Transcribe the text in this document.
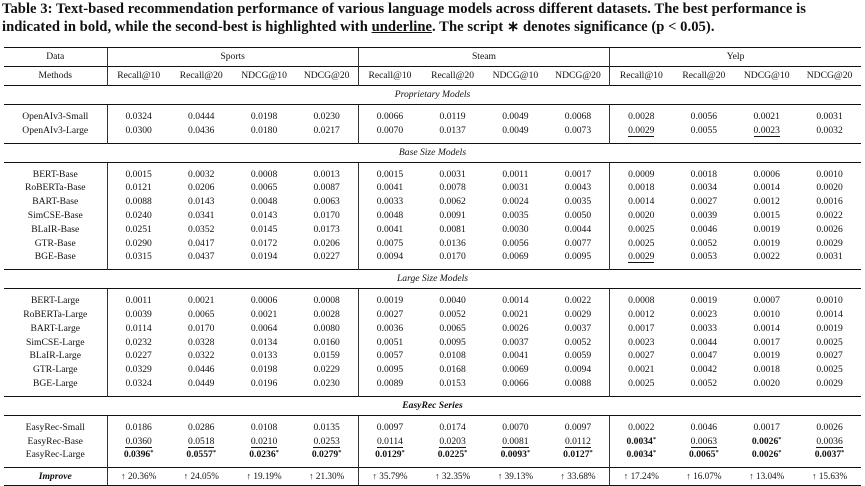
Table 3: Text-based recommendation performance of various language models across different datasets. The best performance is indicated in bold, while the second-best is highlighted with underline. The script ∗ denotes significance (p < 0.05).
Data	Sports				Steam				Yelp			
Methods	Recall@10	Recall@20	NDCG@10	NDCG@20	Recall@10	Recall@20	NDCG@10	NDCG@20	Recall@10	Recall@20	NDCG@10	NDCG@20
Proprietary Models												

OpenAIv3-Small	0.0324	0.0444	0.0198	0.0230	0.0066	0.0119	0.0049	0.0068	0.0028	0.0056	0.0021	0.0031
OpenAIv3-Large	0.0300	0.0436	0.0180	0.0217	0.0070	0.0137	0.0049	0.0073	0.0029	0.0055	0.0023	0.0032

Base Size Models												

BERT-Base	0.0015	0.0032	0.0008	0.0013	0.0015	0.0031	0.0011	0.0017	0.0009	0.0018	0.0006	0.0010
RoBERTa-Base	0.0121	0.0206	0.0065	0.0087	0.0041	0.0078	0.0031	0.0043	0.0018	0.0034	0.0014	0.0020
BART-Base	0.0088	0.0143	0.0048	0.0063	0.0033	0.0062	0.0024	0.0035	0.0014	0.0027	0.0012	0.0016
SimCSE-Base	0.0240	0.0341	0.0143	0.0170	0.0048	0.0091	0.0035	0.0050	0.0020	0.0039	0.0015	0.0022
BLaIR-Base	0.0251	0.0352	0.0145	0.0173	0.0041	0.0081	0.0030	0.0044	0.0025	0.0046	0.0019	0.0026
GTR-Base	0.0290	0.0417	0.0172	0.0206	0.0075	0.0136	0.0056	0.0077	0.0025	0.0052	0.0019	0.0029
BGE-Base	0.0315	0.0437	0.0194	0.0227	0.0094	0.0170	0.0069	0.0095	0.0029	0.0053	0.0022	0.0031

Large Size Models												

BERT-Large	0.0011	0.0021	0.0006	0.0008	0.0019	0.0040	0.0014	0.0022	0.0008	0.0019	0.0007	0.0010
RoBERTa-Large	0.0039	0.0065	0.0021	0.0028	0.0027	0.0052	0.0021	0.0029	0.0012	0.0023	0.0010	0.0014
BART-Large	0.0114	0.0170	0.0064	0.0080	0.0036	0.0065	0.0026	0.0037	0.0017	0.0033	0.0014	0.0019
SimCSE-Large	0.0232	0.0328	0.0134	0.0160	0.0051	0.0095	0.0037	0.0052	0.0023	0.0044	0.0017	0.0025
BLaIR-Large	0.0227	0.0322	0.0133	0.0159	0.0057	0.0108	0.0041	0.0059	0.0027	0.0047	0.0019	0.0027
GTR-Large	0.0329	0.0446	0.0198	0.0229	0.0095	0.0168	0.0069	0.0094	0.0021	0.0042	0.0018	0.0025
BGE-Large	0.0324	0.0449	0.0196	0.0230	0.0089	0.0153	0.0066	0.0088	0.0025	0.0052	0.0020	0.0029

EasyRec Series												

EasyRec-Small	0.0186	0.0286	0.0108	0.0135	0.0097	0.0174	0.0070	0.0097	0.0022	0.0046	0.0017	0.0026
EasyRec-Base	0.0360	0.0518	0.0210	0.0253	0.0114	0.0203	0.0081	0.0112	0.0034*	0.0063	0.0026*	0.0036
EasyRec-Large	0.0396*	0.0557*	0.0236*	0.0279*	0.0129*	0.0225*	0.0093*	0.0127*	0.0034*	0.0065*	0.0026*	0.0037*

Improve	↑ 20.36%	↑ 24.05%	↑ 19.19%	↑ 21.30%	↑ 35.79%	↑ 32.35%	↑ 39.13%	↑ 33.68%	↑ 17.24%	↑ 16.07%	↑ 13.04%	↑ 15.63%
